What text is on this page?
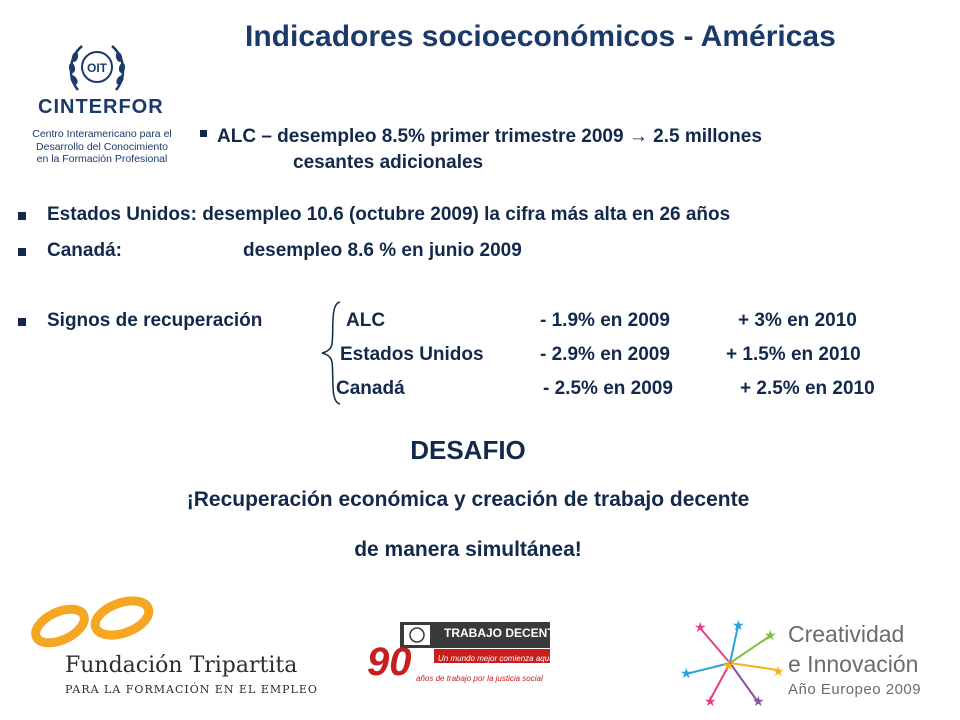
Indicadores socioeconómicos - Américas
OIT
CINTERFOR
Centro Interamericano para el
Desarrollo del Conocimiento
en la Formación Profesional
ALC – desempleo 8.5% primer trimestre 2009 → 2.5 millones
cesantes adicionales
Estados Unidos: desempleo 10.6 (octubre 2009) la cifra más alta en 26 años
Canadá:	desempleo 8.6 % en junio 2009
Signos de recuperación	ALC	- 1.9% en 2009	+ 3% en 2010
Estados Unidos	- 2.9% en 2009	+ 1.5% en 2010
Canadá	- 2.5% en 2009	+ 2.5% en 2010
DESAFIO
¡Recuperación económica y creación de trabajo decente
de manera simultánea!
Fundación Tripartita
PARA LA FORMACIÓN EN EL EMPLEO
TRABAJO DECENTE
Un mundo mejor comienza aquí
90 años de trabajo por la justicia social
★ ★
★
★
★
★
★ ★
Creatividad
e Innovación
Año Europeo 2009
